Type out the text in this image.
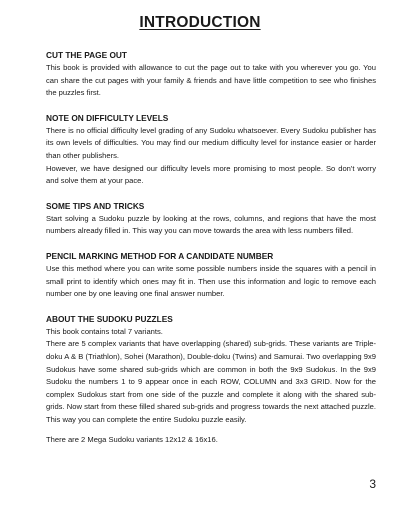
INTRODUCTION
CUT THE PAGE OUT

This book is provided with allowance to cut the page out to take with you wherever you go. You can share the cut pages with your family & friends and have little competition to see who finishes the puzzles first.

NOTE ON DIFFICULTY LEVELS

There is no official difficulty level grading of any Sudoku whatsoever. Every Sudoku publisher has its own levels of difficulties. You may find our medium difficulty level for instance easier or harder than other publishers.

However, we have designed our difficulty levels more promising to most people. So don't worry and solve them at your pace.

SOME TIPS AND TRICKS

Start solving a Sudoku puzzle by looking at the rows, columns, and regions that have the most numbers already filled in. This way you can move towards the area with less numbers filled.

PENCIL MARKING METHOD FOR A CANDIDATE NUMBER

Use this method where you can write some possible numbers inside the squares with a pencil in small print to identify which ones may fit in. Then use this information and logic to remove each number one by one leaving one final answer number.

ABOUT THE SUDOKU PUZZLES

This book contains total 7 variants.

There are 5 complex variants that have overlapping (shared) sub-grids. These variants are Triple-doku A & B (Triathlon), Sohei (Marathon), Double-doku (Twins) and Samurai. Two overlapping 9x9 Sudokus have some shared sub-grids which are common in both the 9x9 Sudokus. In the 9x9 Sudoku the numbers 1 to 9 appear once in each ROW, COLUMN and 3x3 GRID. Now for the complex Sudokus start from one side of the puzzle and complete it along with the shared sub-grids. Now start from these filled shared sub-grids and progress towards the next attached puzzle. This way you can complete the entire Sudoku puzzle easily.

There are 2 Mega Sudoku variants 12x12 & 16x16.

3
